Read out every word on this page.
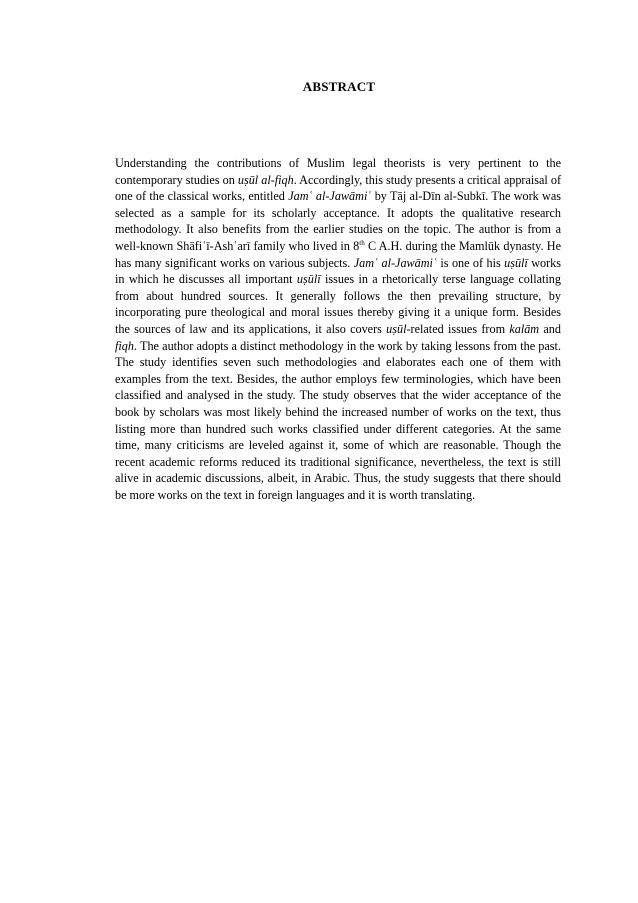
ABSTRACT

Understanding the contributions of Muslim legal theorists is very pertinent to the contemporary studies on uṣūl al-fiqh. Accordingly, this study presents a critical appraisal of one of the classical works, entitled Jamʿ al-Jawāmiʿ by Tāj al-Dīn al-Subkī. The work was selected as a sample for its scholarly acceptance. It adopts the qualitative research methodology. It also benefits from the earlier studies on the topic. The author is from a well-known Shāfiʿī-Ashʿarī family who lived in 8th C A.H. during the Mamlūk dynasty. He has many significant works on various subjects. Jamʿ al-Jawāmiʿ is one of his uṣūlī works in which he discusses all important uṣūlī issues in a rhetorically terse language collating from about hundred sources. It generally follows the then prevailing structure, by incorporating pure theological and moral issues thereby giving it a unique form. Besides the sources of law and its applications, it also covers uṣūl-related issues from kalām and fiqh. The author adopts a distinct methodology in the work by taking lessons from the past. The study identifies seven such methodologies and elaborates each one of them with examples from the text. Besides, the author employs few terminologies, which have been classified and analysed in the study. The study observes that the wider acceptance of the book by scholars was most likely behind the increased number of works on the text, thus listing more than hundred such works classified under different categories. At the same time, many criticisms are leveled against it, some of which are reasonable. Though the recent academic reforms reduced its traditional significance, nevertheless, the text is still alive in academic discussions, albeit, in Arabic. Thus, the study suggests that there should be more works on the text in foreign languages and it is worth translating.
